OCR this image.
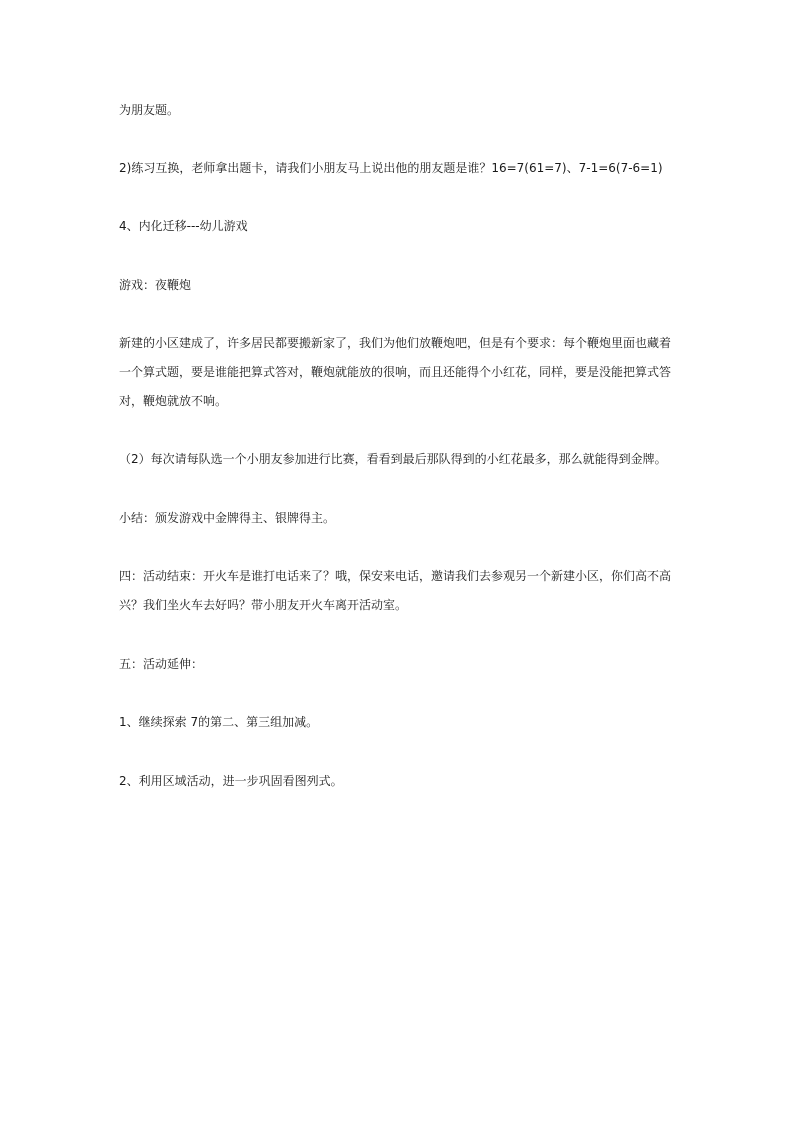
为朋友题。

2)练习互换，老师拿出题卡，请我们小朋友马上说出他的朋友题是谁？16=7(61=7)、7-1=6(7-6=1)

4、内化迁移---幼儿游戏

游戏：夜鞭炮

新建的小区建成了，许多居民都要搬新家了，我们为他们放鞭炮吧，但是有个要求：每个鞭炮里面也藏着一个算式题，要是谁能把算式答对，鞭炮就能放的很响，而且还能得个小红花，同样，要是没能把算式答对，鞭炮就放不响。

（2）每次请每队选一个小朋友参加进行比赛，看看到最后那队得到的小红花最多，那么就能得到金牌。

小结：颁发游戏中金牌得主、银牌得主。

四：活动结束：开火车是谁打电话来了？哦，保安来电话，邀请我们去参观另一个新建小区，你们高不高兴？我们坐火车去好吗？带小朋友开火车离开活动室。

五：活动延伸：

1、继续探索 7的第二、第三组加减。

2、利用区域活动，进一步巩固看图列式。
